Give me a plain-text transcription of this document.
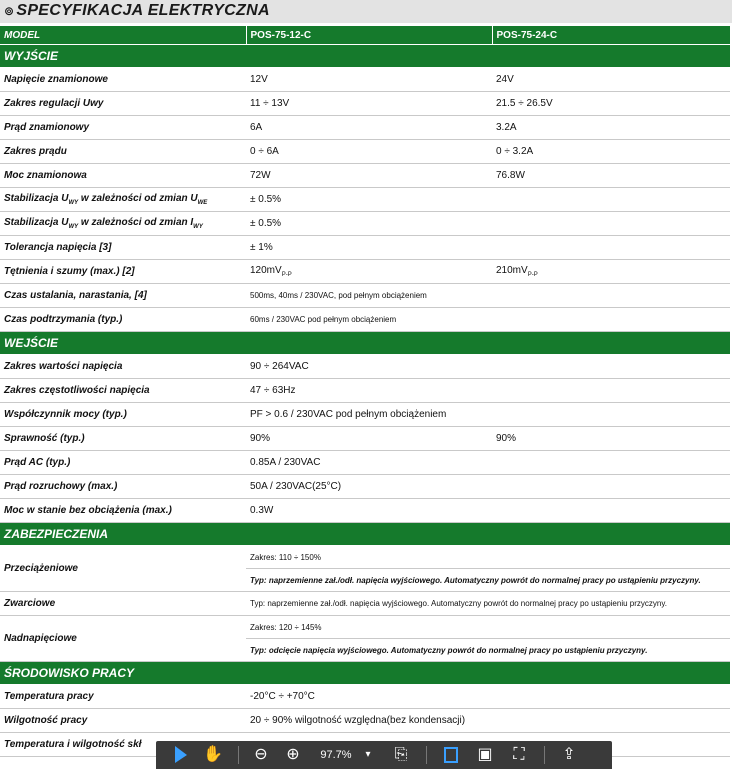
⊚ SPECYFIKACJA ELEKTRYCZNA
MODEL	POS-75-12-C	POS-75-24-C
WYJŚCIE		
Napięcie znamionowe	12V	24V
Zakres regulacji Uwy	11 ÷ 13V	21.5 ÷ 26.5V
Prąd znamionowy	6A	3.2A
Zakres prądu	0 ÷ 6A	0 ÷ 3.2A
Moc znamionowa	72W	76.8W
Stabilizacja $U_{WY}$ w zależności od zmian $U_{WE}$	± 0.5%	
Stabilizacja $U_{WY}$ w zależności od zmian $I_{WY}$	± 0.5%	
Tolerancja napięcia [3]	± 1%	
Tętnienia i szumy (max.) [2]	$120mV_{P-P}$	$210mV_{P-P}$
Czas ustalania, narastania, [4]	500ms, 40ms / 230VAC, pod pełnym obciążeniem	
Czas podtrzymania (typ.)	60ms / 230VAC pod pełnym obciążeniem	
WEJŚCIE		
Zakres wartości napięcia	90 ÷ 264VAC	
Zakres częstotliwości napięcia	47 ÷ 63Hz	
Współczynnik mocy (typ.)	PF > 0.6 / 230VAC pod pełnym obciążeniem	
Sprawność (typ.)	90%	90%
Prąd AC (typ.)	0.85A / 230VAC	
Prąd rozruchowy (max.)	50A / 230VAC(25°C)	
Moc w stanie bez obciążenia (max.)	0.3W	
ZABEZPIECZENIA		
Przeciążeniowe	Zakres: 110 ÷ 150%	
	Typ: naprzemienne zał./odł. napięcia wyjściowego. Automatyczny powrót do normalnej pracy po ustąpieniu przyczyny.	
Zwarciowe	Typ: naprzemienne zał./odł. napięcia wyjściowego. Automatyczny powrót do normalnej pracy po ustąpieniu przyczyny.	
Nadnapięciowe	Zakres: 120 ÷ 145%	
	Typ: odcięcie napięcia wyjściowego. Automatyczny powrót do normalnej pracy po ustąpieniu przyczyny.	
ŚRODOWISKO PRACY		
Temperatura pracy	-20°C ÷ +70°C	
Wilgotność pracy	20 ÷ 90% wilgotność względna(bez kondensacji)	
Temperatura i wilgotność skł		
✋	⊖	⊕	97.7%	▾	⎘	▣	⛶	⇪
